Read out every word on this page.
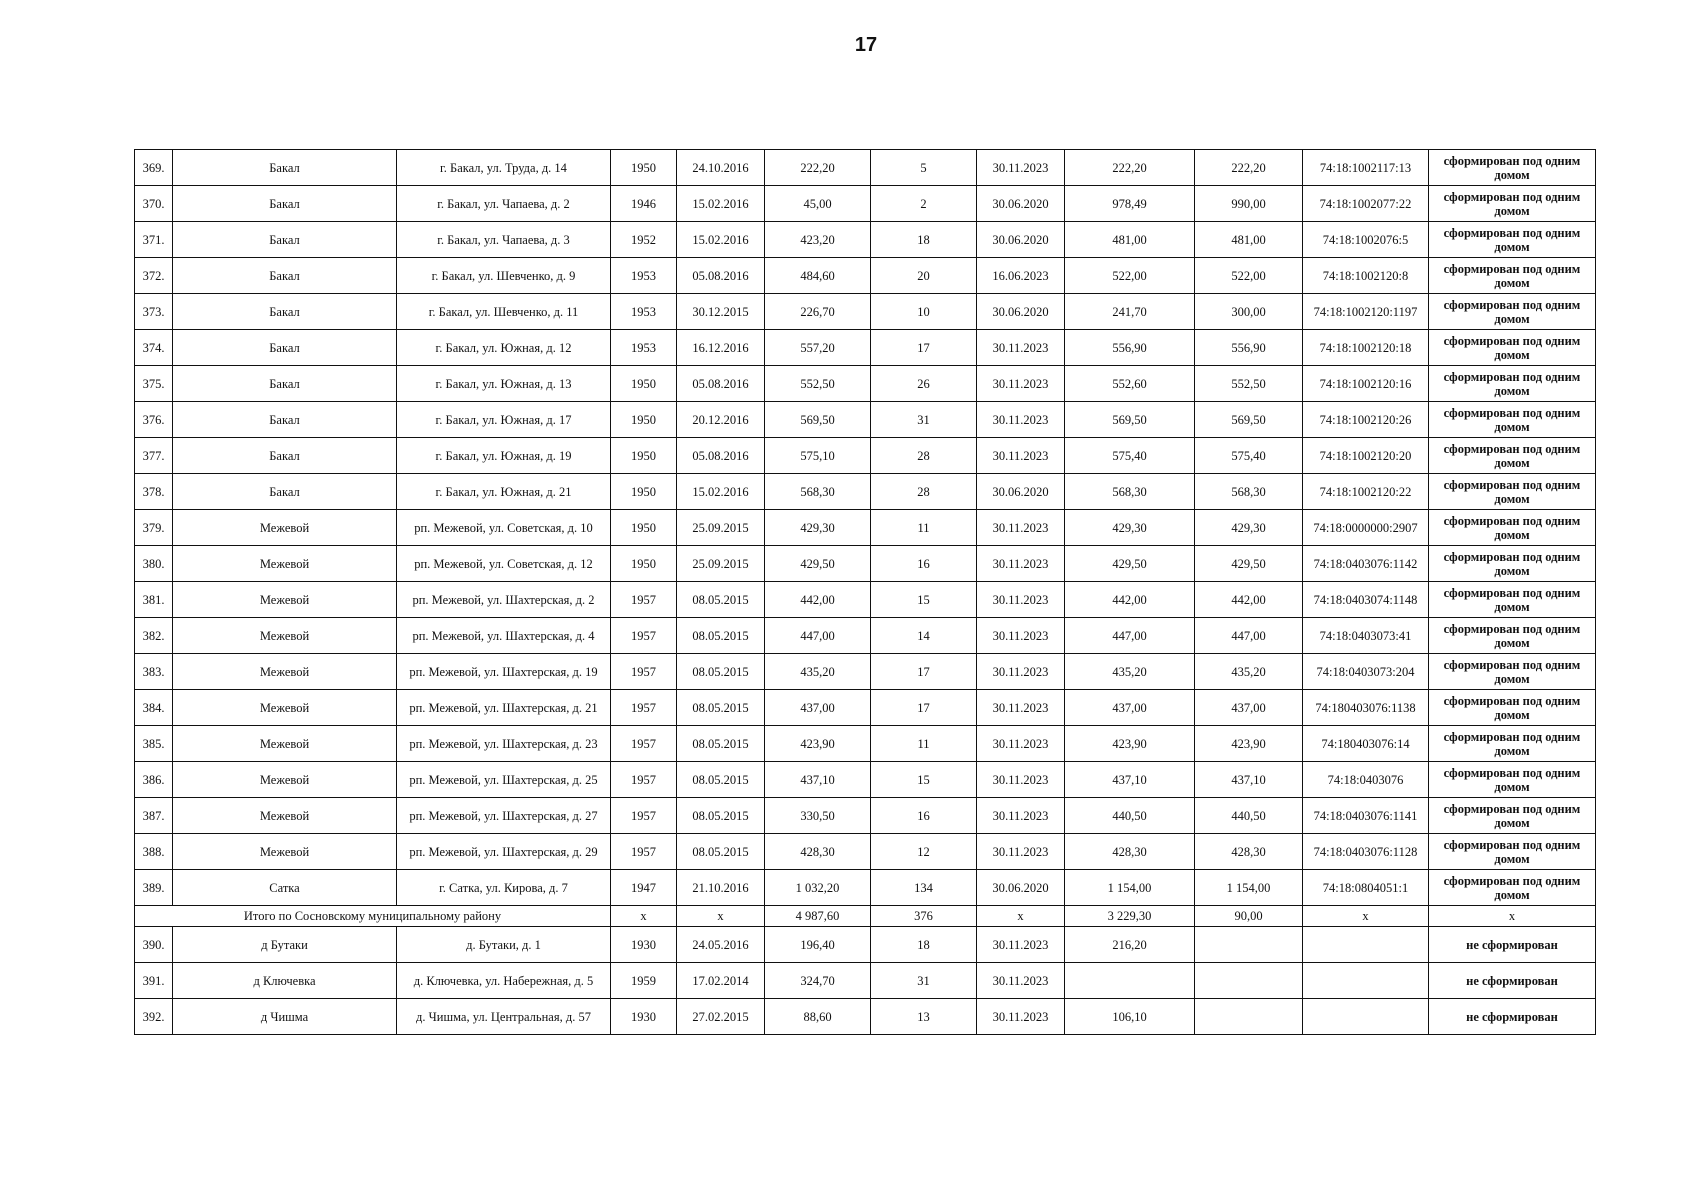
17
369.	Бакал	г. Бакал, ул. Труда, д. 14	1950	24.10.2016	222,20	5	30.11.2023	222,20	222,20	74:18:1002117:13	сформирован под одним домом
370.	Бакал	г. Бакал, ул. Чапаева, д. 2	1946	15.02.2016	45,00	2	30.06.2020	978,49	990,00	74:18:1002077:22	сформирован под одним домом
371.	Бакал	г. Бакал, ул. Чапаева, д. 3	1952	15.02.2016	423,20	18	30.06.2020	481,00	481,00	74:18:1002076:5	сформирован под одним домом
372.	Бакал	г. Бакал, ул. Шевченко, д. 9	1953	05.08.2016	484,60	20	16.06.2023	522,00	522,00	74:18:1002120:8	сформирован под одним домом
373.	Бакал	г. Бакал, ул. Шевченко, д. 11	1953	30.12.2015	226,70	10	30.06.2020	241,70	300,00	74:18:1002120:1197	сформирован под одним домом
374.	Бакал	г. Бакал, ул. Южная, д. 12	1953	16.12.2016	557,20	17	30.11.2023	556,90	556,90	74:18:1002120:18	сформирован под одним домом
375.	Бакал	г. Бакал, ул. Южная, д. 13	1950	05.08.2016	552,50	26	30.11.2023	552,60	552,50	74:18:1002120:16	сформирован под одним домом
376.	Бакал	г. Бакал, ул. Южная, д. 17	1950	20.12.2016	569,50	31	30.11.2023	569,50	569,50	74:18:1002120:26	сформирован под одним домом
377.	Бакал	г. Бакал, ул. Южная, д. 19	1950	05.08.2016	575,10	28	30.11.2023	575,40	575,40	74:18:1002120:20	сформирован под одним домом
378.	Бакал	г. Бакал, ул. Южная, д. 21	1950	15.02.2016	568,30	28	30.06.2020	568,30	568,30	74:18:1002120:22	сформирован под одним домом
379.	Межевой	рп. Межевой, ул. Советская, д. 10	1950	25.09.2015	429,30	11	30.11.2023	429,30	429,30	74:18:0000000:2907	сформирован под одним домом
380.	Межевой	рп. Межевой, ул. Советская, д. 12	1950	25.09.2015	429,50	16	30.11.2023	429,50	429,50	74:18:0403076:1142	сформирован под одним домом
381.	Межевой	рп. Межевой, ул. Шахтерская, д. 2	1957	08.05.2015	442,00	15	30.11.2023	442,00	442,00	74:18:0403074:1148	сформирован под одним домом
382.	Межевой	рп. Межевой, ул. Шахтерская, д. 4	1957	08.05.2015	447,00	14	30.11.2023	447,00	447,00	74:18:0403073:41	сформирован под одним домом
383.	Межевой	рп. Межевой, ул. Шахтерская, д. 19	1957	08.05.2015	435,20	17	30.11.2023	435,20	435,20	74:18:0403073:204	сформирован под одним домом
384.	Межевой	рп. Межевой, ул. Шахтерская, д. 21	1957	08.05.2015	437,00	17	30.11.2023	437,00	437,00	74:180403076:1138	сформирован под одним домом
385.	Межевой	рп. Межевой, ул. Шахтерская, д. 23	1957	08.05.2015	423,90	11	30.11.2023	423,90	423,90	74:180403076:14	сформирован под одним домом
386.	Межевой	рп. Межевой, ул. Шахтерская, д. 25	1957	08.05.2015	437,10	15	30.11.2023	437,10	437,10	74:18:0403076	сформирован под одним домом
387.	Межевой	рп. Межевой, ул. Шахтерская, д. 27	1957	08.05.2015	330,50	16	30.11.2023	440,50	440,50	74:18:0403076:1141	сформирован под одним домом
388.	Межевой	рп. Межевой, ул. Шахтерская, д. 29	1957	08.05.2015	428,30	12	30.11.2023	428,30	428,30	74:18:0403076:1128	сформирован под одним домом
389.	Сатка	г. Сатка, ул. Кирова, д. 7	1947	21.10.2016	1 032,20	134	30.06.2020	1 154,00	1 154,00	74:18:0804051:1	сформирован под одним домом
Итого по Сосновскому муниципальному району			x	x	4 987,60	376	x	3 229,30	90,00	x	x
390.	д Бутаки	д. Бутаки, д. 1	1930	24.05.2016	196,40	18	30.11.2023	216,20			не сформирован
391.	д Ключевка	д. Ключевка, ул. Набережная, д. 5	1959	17.02.2014	324,70	31	30.11.2023				не сформирован
392.	д Чишма	д. Чишма, ул. Центральная, д. 57	1930	27.02.2015	88,60	13	30.11.2023	106,10			не сформирован
